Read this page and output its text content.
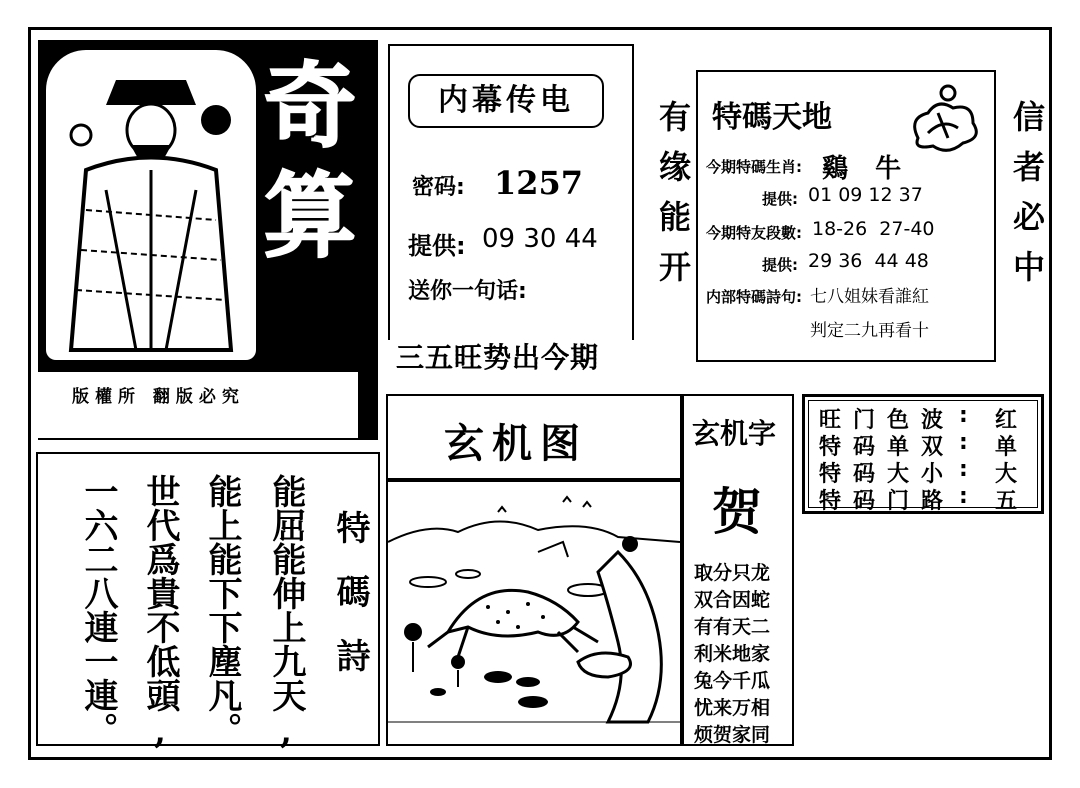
奇
算
版權所 翻版必究
特碼詩
能屈能伸上九天,
能上能下下塵凡。
世代爲貴不低頭,
一六二八連一連。
内幕传电
密码: 1257
提供: 09 30 44
送你一句话:
三五旺势出今期
有缘能开 特碼天地
今期特碼生肖: 鷄   牛
提供: 01 09 12 37
今期特友段數: 18-26  27-40
提供: 29 36  44 48
内部特碼詩句: 七八姐妹看誰紅
判定二九再看十
信者必中
玄机图	玄机字
贺
取分只龙
双合因蛇
有有天二
利米地家
兔今千瓜
忧来万相
烦贺家同
旺门色波 : 红
特码单双 : 单
特码大小 : 大
特码门路 : 五
